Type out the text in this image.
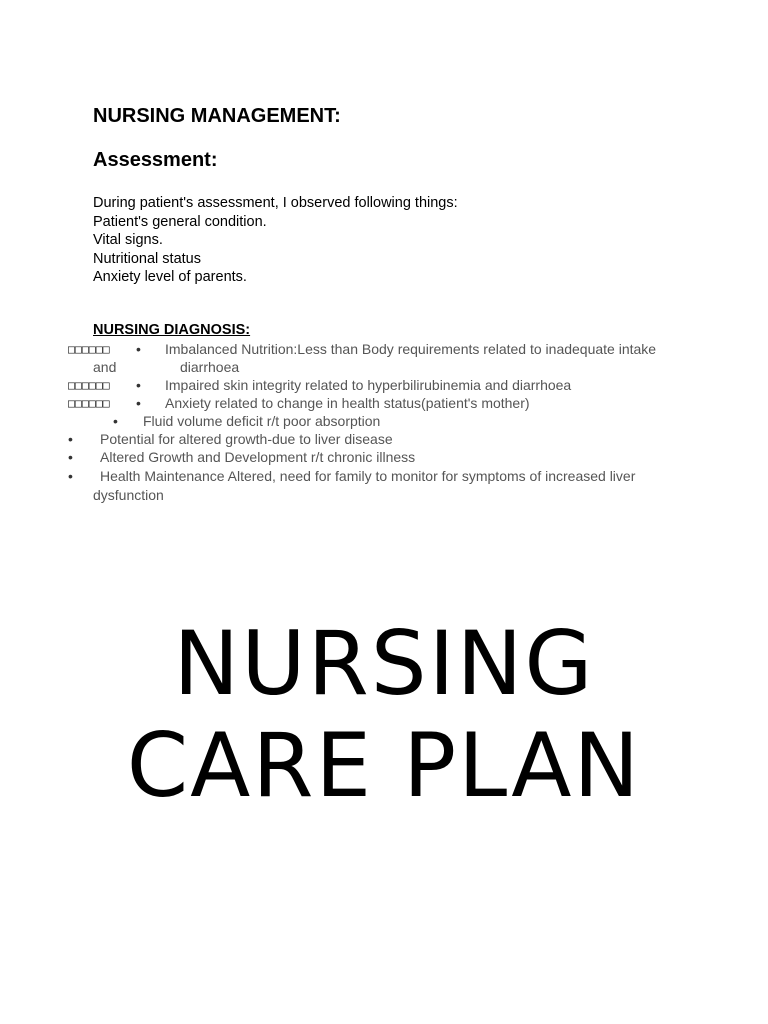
NURSING MANAGEMENT:
Assessment:
During patient's assessment, I observed following things:
Patient's general condition.
Vital signs.
Nutritional status
Anxiety level of parents.
NURSING DIAGNOSIS:
□□□□□□ • Imbalanced Nutrition:Less than Body requirements related to inadequate intake
and	diarrhoea
□□□□□□ • Impaired skin integrity related to hyperbilirubinemia and diarrhoea
□□□□□□ • Anxiety related to change in health status(patient's mother)
• Fluid volume deficit r/t poor absorption
• Potential for altered growth-due to liver disease
• Altered Growth and Development r/t chronic illness
• Health Maintenance Altered, need for family to monitor for symptoms of increased liver
dysfunction
NURSING
CARE PLAN
